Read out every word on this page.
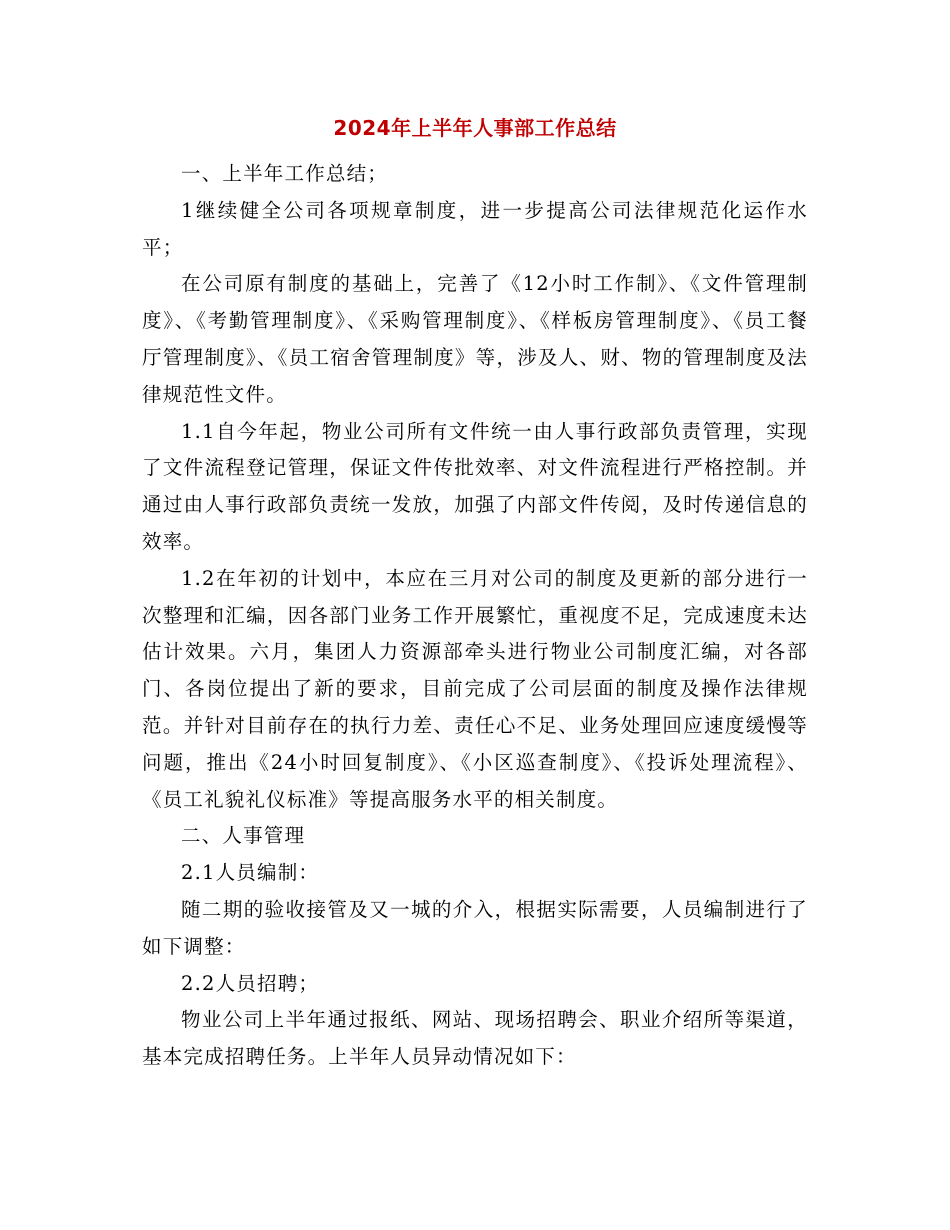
2024年上半年人事部工作总结

一、上半年工作总结；

1继续健全公司各项规章制度，进一步提高公司法律规范化运作水平；

在公司原有制度的基础上，完善了《12小时工作制》、《文件管理制度》、《考勤管理制度》、《采购管理制度》、《样板房管理制度》、《员工餐厅管理制度》、《员工宿舍管理制度》等，涉及人、财、物的管理制度及法律规范性文件。

1.1自今年起，物业公司所有文件统一由人事行政部负责管理，实现了文件流程登记管理，保证文件传批效率、对文件流程进行严格控制。并通过由人事行政部负责统一发放，加强了内部文件传阅，及时传递信息的效率。

1.2在年初的计划中，本应在三月对公司的制度及更新的部分进行一次整理和汇编，因各部门业务工作开展繁忙，重视度不足，完成速度未达估计效果。六月，集团人力资源部牵头进行物业公司制度汇编，对各部门、各岗位提出了新的要求，目前完成了公司层面的制度及操作法律规范。并针对目前存在的执行力差、责任心不足、业务处理回应速度缓慢等问题，推出《24小时回复制度》、《小区巡查制度》、《投诉处理流程》、《员工礼貌礼仪标准》等提高服务水平的相关制度。

二、人事管理

2.1人员编制：

随二期的验收接管及又一城的介入，根据实际需要，人员编制进行了如下调整：

2.2人员招聘；

物业公司上半年通过报纸、网站、现场招聘会、职业介绍所等渠道，基本完成招聘任务。上半年人员异动情况如下：
